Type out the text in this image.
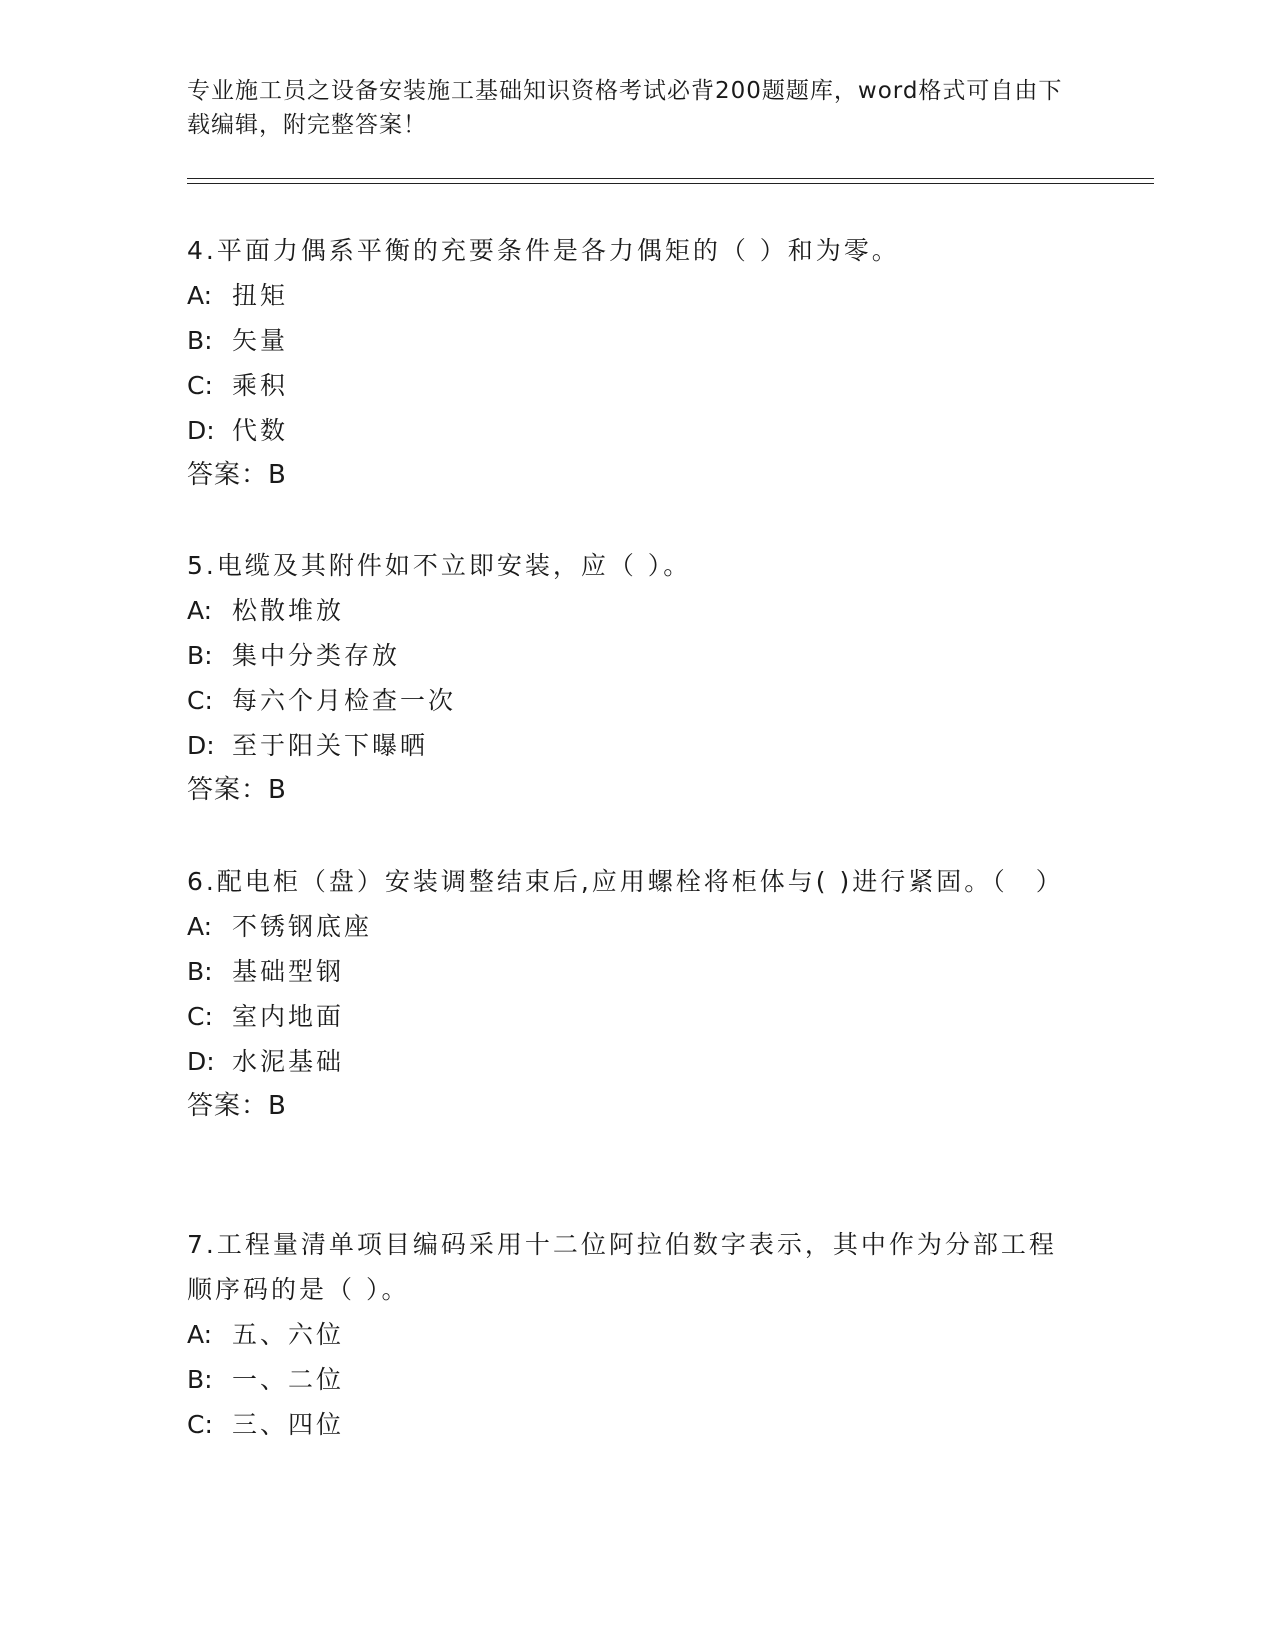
专业施工员之设备安装施工基础知识资格考试必背200题题库，word格式可自由下载编辑，附完整答案！

4.平面力偶系平衡的充要条件是各力偶矩的（ ）和为零。

A: 扭矩
B: 矢量
C: 乘积
D: 代数
答案：B

5.电缆及其附件如不立即安装，应（ ）。

A: 松散堆放
B: 集中分类存放
C: 每六个月检查一次
D: 至于阳关下曝晒
答案：B

6.配电柜（盘）安装调整结束后,应用螺栓将柜体与( )进行紧固。（　）

A: 不锈钢底座
B: 基础型钢
C: 室内地面
D: 水泥基础
答案：B

7.工程量清单项目编码采用十二位阿拉伯数字表示，其中作为分部工程顺序码的是（ ）。

A: 五、六位
B: 一、二位
C: 三、四位
